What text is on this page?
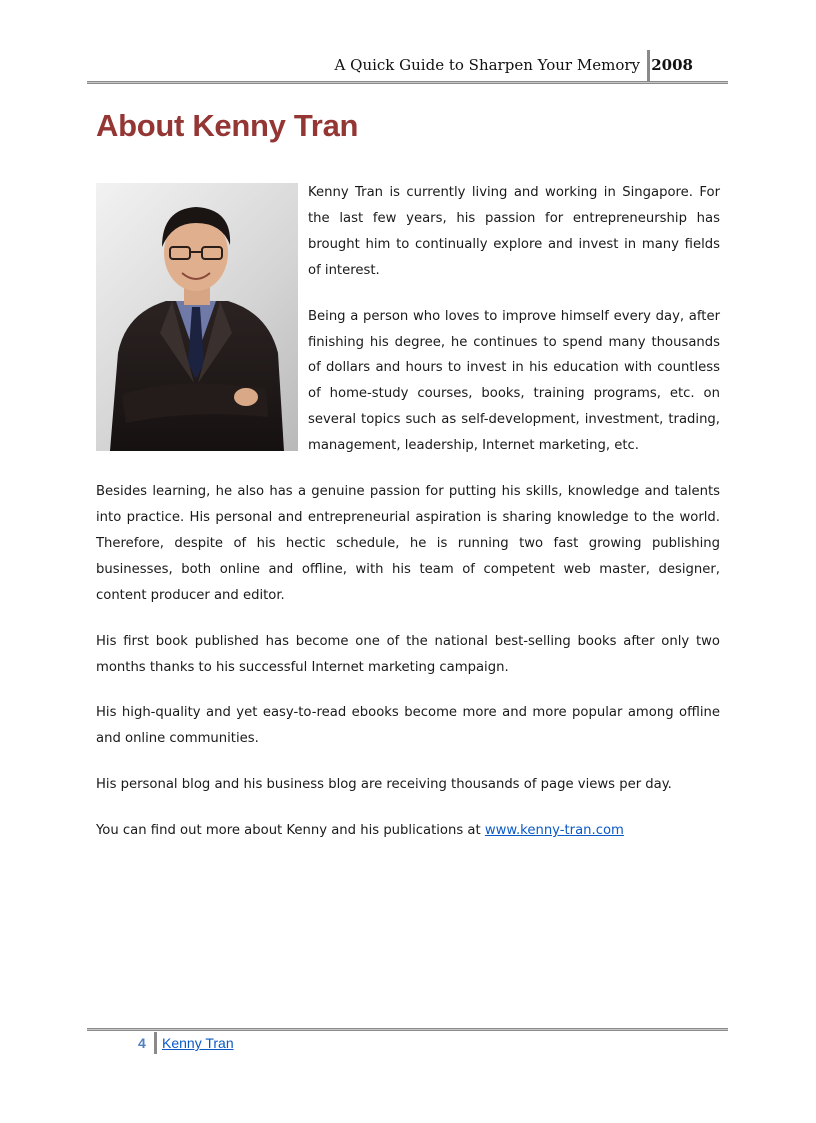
A Quick Guide to Sharpen Your Memory 2008
About Kenny Tran

Kenny Tran is currently living and working in Singapore. For the last few years, his passion for entrepreneurship has brought him to continually explore and invest in many fields of interest.

Being a person who loves to improve himself every day, after finishing his degree, he continues to spend many thousands of dollars and hours to invest in his education with countless of home-study courses, books, training programs, etc. on several topics such as self-development, investment, trading, management, leadership, Internet marketing, etc.

Besides learning, he also has a genuine passion for putting his skills, knowledge and talents into practice. His personal and entrepreneurial aspiration is sharing knowledge to the world. Therefore, despite of his hectic schedule, he is running two fast growing publishing businesses, both online and offline, with his team of competent web master, designer, content producer and editor.

His first book published has become one of the national best-selling books after only two months thanks to his successful Internet marketing campaign.

His high-quality and yet easy-to-read ebooks become more and more popular among offline and online communities.

His personal blog and his business blog are receiving thousands of page views per day.

You can find out more about Kenny and his publications at www.kenny-tran.com

4 Kenny Tran
